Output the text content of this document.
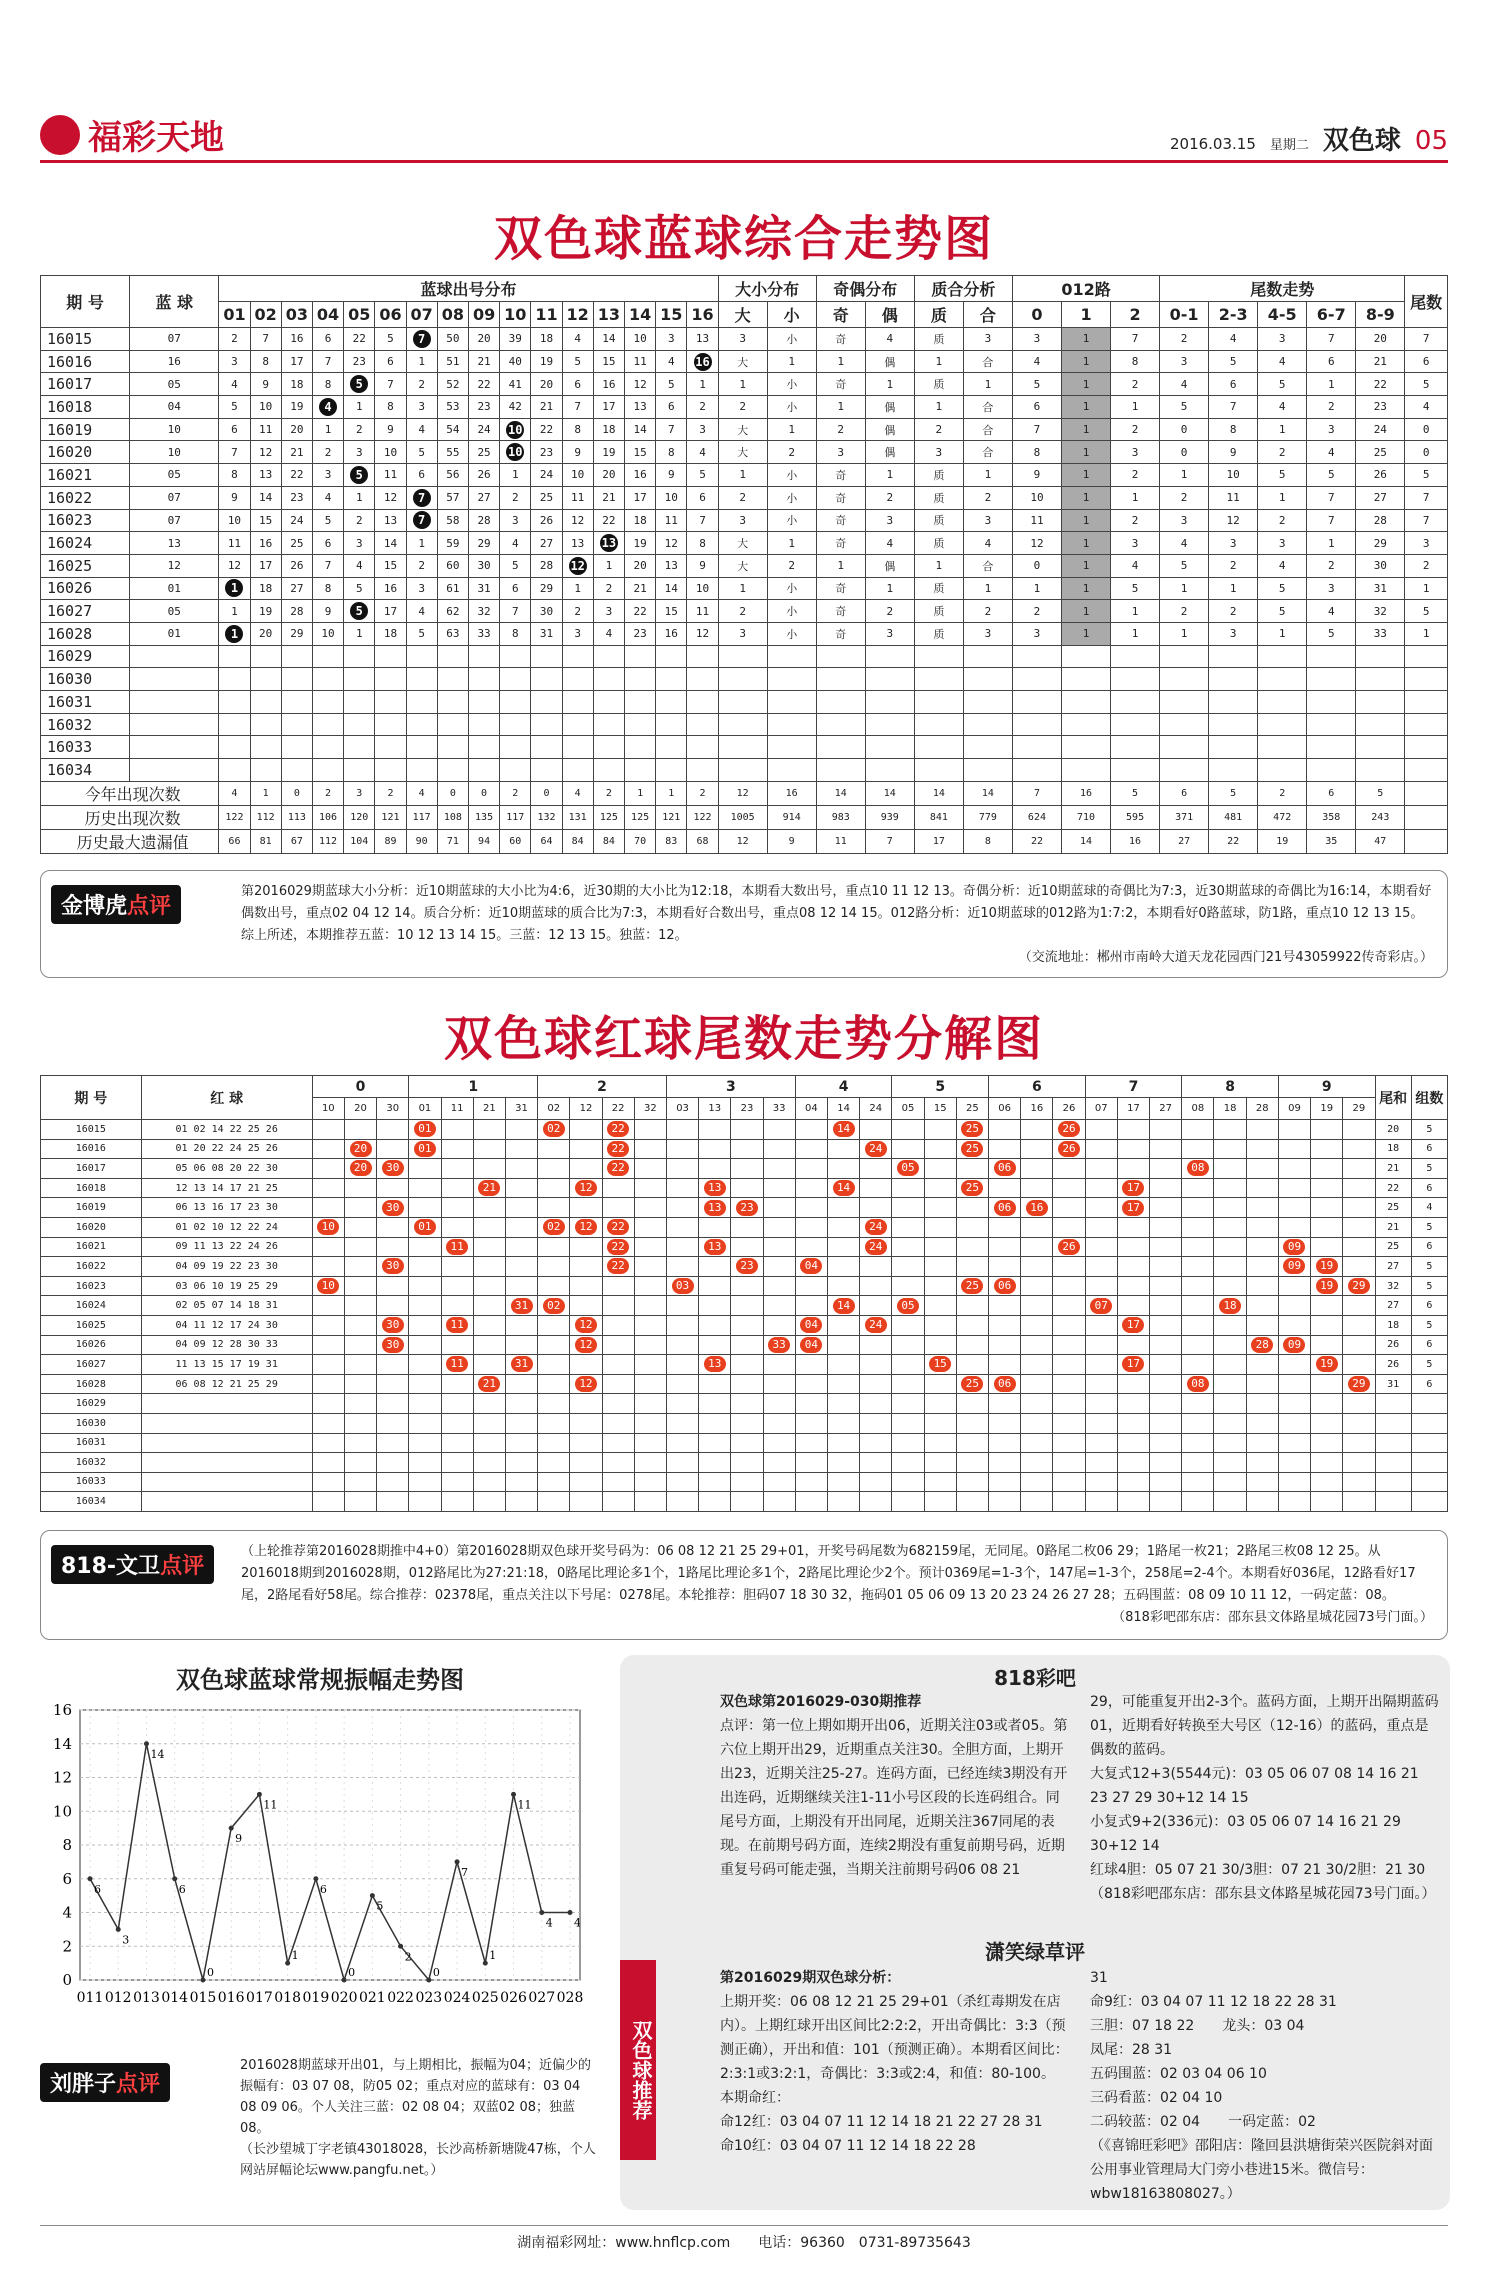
福彩天地	2016.03.15 星期二 双色球 05
双色球蓝球综合走势图
期 号	蓝 球	蓝球出号分布																大小分布		奇偶分布		质合分析		012路			尾数走势					尾数
		01	02	03	04	05	06	07	08	09	10	11	12	13	14	15	16	大	小	奇	偶	质	合	0	1	2	0-1	2-3	4-5	6-7	8-9	
16015	07	2	7	16	6	22	5	7	50	20	39	18	4	14	10	3	13	3	小	奇	4	质	3	3	1	7	2	4	3	7	20	7
16016	16	3	8	17	7	23	6	1	51	21	40	19	5	15	11	4	16	大	1	1	偶	1	合	4	1	8	3	5	4	6	21	6
16017	05	4	9	18	8	5	7	2	52	22	41	20	6	16	12	5	1	1	小	奇	1	质	1	5	1	2	4	6	5	1	22	5
16018	04	5	10	19	4	1	8	3	53	23	42	21	7	17	13	6	2	2	小	1	偶	1	合	6	1	1	5	7	4	2	23	4
16019	10	6	11	20	1	2	9	4	54	24	10	22	8	18	14	7	3	大	1	2	偶	2	合	7	1	2	0	8	1	3	24	0
16020	10	7	12	21	2	3	10	5	55	25	10	23	9	19	15	8	4	大	2	3	偶	3	合	8	1	3	0	9	2	4	25	0
16021	05	8	13	22	3	5	11	6	56	26	1	24	10	20	16	9	5	1	小	奇	1	质	1	9	1	2	1	10	5	5	26	5
16022	07	9	14	23	4	1	12	7	57	27	2	25	11	21	17	10	6	2	小	奇	2	质	2	10	1	1	2	11	1	7	27	7
16023	07	10	15	24	5	2	13	7	58	28	3	26	12	22	18	11	7	3	小	奇	3	质	3	11	1	2	3	12	2	7	28	7
16024	13	11	16	25	6	3	14	1	59	29	4	27	13	13	19	12	8	大	1	奇	4	质	4	12	1	3	4	3	3	1	29	3
16025	12	12	17	26	7	4	15	2	60	30	5	28	12	1	20	13	9	大	2	1	偶	1	合	0	1	4	5	2	4	2	30	2
16026	01	1	18	27	8	5	16	3	61	31	6	29	1	2	21	14	10	1	小	奇	1	质	1	1	1	5	1	1	5	3	31	1
16027	05	1	19	28	9	5	17	4	62	32	7	30	2	3	22	15	11	2	小	奇	2	质	2	2	1	1	2	2	5	4	32	5
16028	01	1	20	29	10	1	18	5	63	33	8	31	3	4	23	16	12	3	小	奇	3	质	3	3	1	1	1	3	1	5	33	1
16029																																
16030																																
16031																																
16032																																
16033																																
16034																																
今年出现次数		4	1	0	2	3	2	4	0	0	2	0	4	2	1	1	2	12	16	14	14	14	14	7	16	5	6	5	2	6	5	
历史出现次数		122	112	113	106	120	121	117	108	135	117	132	131	125	125	121	122	1005	914	983	939	841	779	624	710	595	371	481	472	358	243	
历史最大遗漏值		66	81	67	112	104	89	90	71	94	60	64	84	84	70	83	68	12	9	11	7	17	8	22	14	16	27	22	19	35	47	
金博虎点评
第2016029期蓝球大小分析：近10期蓝球的大小比为4:6，近30期的大小比为12:18，本期看大数出号，重点10 11 12 13。奇偶分析：近10期蓝球的奇偶比为7:3，近30期蓝球的奇偶比为16:14，本期看好偶数出号，重点02 04 12 14。质合分析：近10期蓝球的质合比为7:3，本期看好合数出号，重点08 12 14 15。012路分析：近10期蓝球的012路为1:7:2，本期看好0路蓝球，防1路，重点10 12 13 15。综上所述，本期推荐五蓝：10 12 13 14 15。三蓝：12 13 15。独蓝：12。
（交流地址：郴州市南岭大道天龙花园西门21号43059922传奇彩店。）
双色球红球尾数走势分解图
期 号	红 球	0			1				2				3				4			5			6			7			8			9			尾和	组数
		10	20	30	01	11	21	31	02	12	22	32	03	13	23	33	04	14	24	05	15	25	06	16	26	07	17	27	08	18	28	09	19	29		
16015	01 02 14 22 25 26				01				02		22							14				25			26										20	5
16016	01 20 22 24 25 26		20		01						22								24			25			26										18	6
16017	05 06 08 20 22 30		20	30							22									05			06						08						21	5
16018	12 13 14 17 21 25						21			12				13				14				25					17								22	6
16019	06 13 16 17 23 30			30										13	23								06	16			17								25	4
16020	01 02 10 12 22 24	10			01				02	12	22								24																21	5
16021	09 11 13 22 24 26					11					22			13					24						26							09			25	6
16022	04 09 19 22 23 30			30							22				23		04															09	19		27	5
16023	03 06 10 19 25 29	10											03									25	06										19	29	32	5
16024	02 05 07 14 18 31							31	02									14		05						07				18					27	6
16025	04 11 12 17 24 30			30		11				12							04		24								17								18	5
16026	04 09 12 28 30 33			30						12						33	04														28	09			26	6
16027	11 13 15 17 19 31					11		31						13							15						17						19		26	5
16028	06 08 12 21 25 29						21			12												25	06						08					29	31	6
16029																																				
16030																																				
16031																																				
16032																																				
16033																																				
16034																																				
818-文卫点评
（上轮推荐第2016028期推中4+0）第2016028期双色球开奖号码为：06 08 12 21 25 29+01，开奖号码尾数为682159尾，无同尾。0路尾二枚06 29；1路尾一枚21；2路尾三枚08 12 25。从2016018期到2016028期，012路尾比为27:21:18，0路尾比理论多1个，1路尾比理论多1个，2路尾比理论少2个。预计0369尾=1-3个，147尾=1-3个，258尾=2-4个。本期看好036尾，12路看好17尾，2路尾看好58尾。综合推荐：02378尾，重点关注以下号尾：0278尾。本轮推荐：胆码07 18 30 32，拖码01 05 06 09 13 20 23 24 26 27 28；五码围蓝：08 09 10 11 12，一码定蓝：08。
（818彩吧邵东店：邵东县文体路星城花园73号门面。）
双色球蓝球常规振幅走势图
0
2
4
6
8
10
12
14
16
011 012 013 014 015 016 017 018 019 020 021 022 023 024 025 026 027 028
6
3
14
6
0
9
11
1
6
0
5
2
0
7
1
11
4 4
刘胖子点评
2016028期蓝球开出01，与上期相比，振幅为04；近偏少的振幅有：03 07 08，防05 02；重点对应的蓝球有：03 04 08 09 06。个人关注三蓝：02 08 04；双蓝02 08；独蓝08。
（长沙望城丁字老镇43018028，长沙高桥新塘陇47栋，个人网站屏幅论坛www.pangfu.net。）
818彩吧
双色球推荐
双色球第2016029-030期推荐
点评：第一位上期如期开出06，近期关注03或者05。第六位上期开出29，近期重点关注30。全胆方面，上期开出23，近期关注25-27。连码方面，已经连续3期没有开出连码，近期继续关注1-11小号区段的长连码组合。同尾号方面，上期没有开出同尾，近期关注367同尾的表现。在前期号码方面，连续2期没有重复前期号码，近期重复号码可能走强，当期关注前期号码06 08 21
29，可能重复开出2-3个。蓝码方面，上期开出隔期蓝码01，近期看好转换至大号区（12-16）的蓝码，重点是偶数的蓝码。
大复式12+3(5544元)：03 05 06 07 08 14 16 21 23 27 29 30+12 14 15
小复式9+2(336元)：03 05 06 07 14 16 21 29 30+12 14
红球4胆：05 07 21 30/3胆：07 21 30/2胆：21 30
（818彩吧邵东店：邵东县文体路星城花园73号门面。）
潇笑绿草评
第2016029期双色球分析：
上期开奖：06 08 12 21 25 29+01（杀红毒期发在店内）。上期红球开出区间比2:2:2，开出奇偶比：3:3（预测正确），开出和值：101（预测正确）。本期看区间比：2:3:1或3:2:1，奇偶比：3:3或2:4，和值：80-100。
本期命红：
命12红：03 04 07 11 12 14 18 21 22 27 28 31
命10红：03 04 07 11 12 14 18 22 28
31
命9红：03 04 07 11 12 18 22 28 31
三胆：07 18 22　　龙头：03 04
凤尾：28 31
五码围蓝：02 03 04 06 10
三码看蓝：02 04 10
二码较蓝：02 04　　一码定蓝：02
（《喜锦旺彩吧》邵阳店：隆回县洪塘街荣兴医院斜对面公用事业管理局大门旁小巷进15米。微信号：wbw18163808027。）
湖南福彩网址：www.hnflcp.com　　电话：96360　0731-89735643
